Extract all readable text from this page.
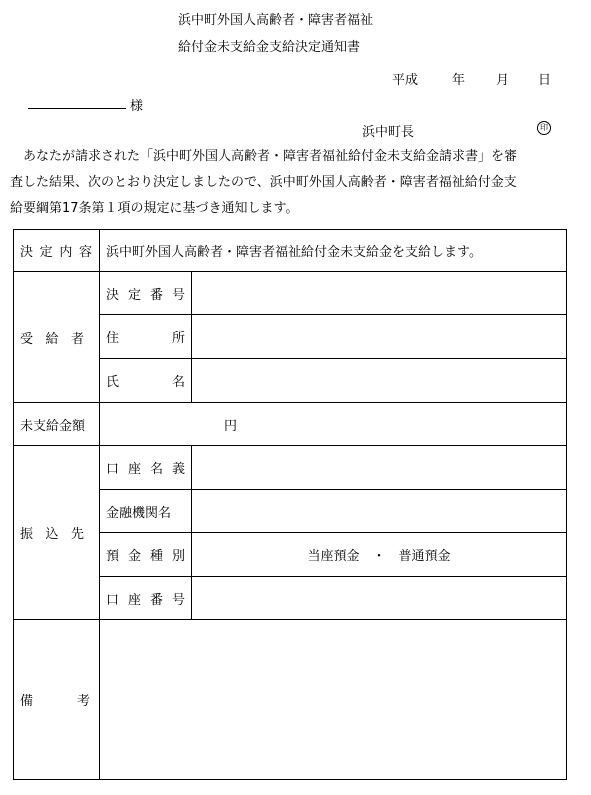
浜中町外国人高齢者・障害者福祉
給付金未支給金支給決定通知書
平成	年 月 日
様
浜中町長	印
あなたが請求された「浜中町外国人高齢者・障害者福祉給付金未支給金請求書」を審
査した結果、次のとおり決定しましたので、浜中町外国人高齢者・障害者福祉給付金支
給要綱第17条第１項の規定に基づき通知します。
決 定 内 容	浜中町外国人高齢者・障害者福祉給付金未支給金を支給します。	

受 給 者	決 定 番 号	

	住 所	

	氏 名	

未支給金額	円	

振 込 先	口 座 名 義	

	金融機関名	

	預 金 種 別	当座預金　・　普通預金

	口 座 番 号	

備 考		
